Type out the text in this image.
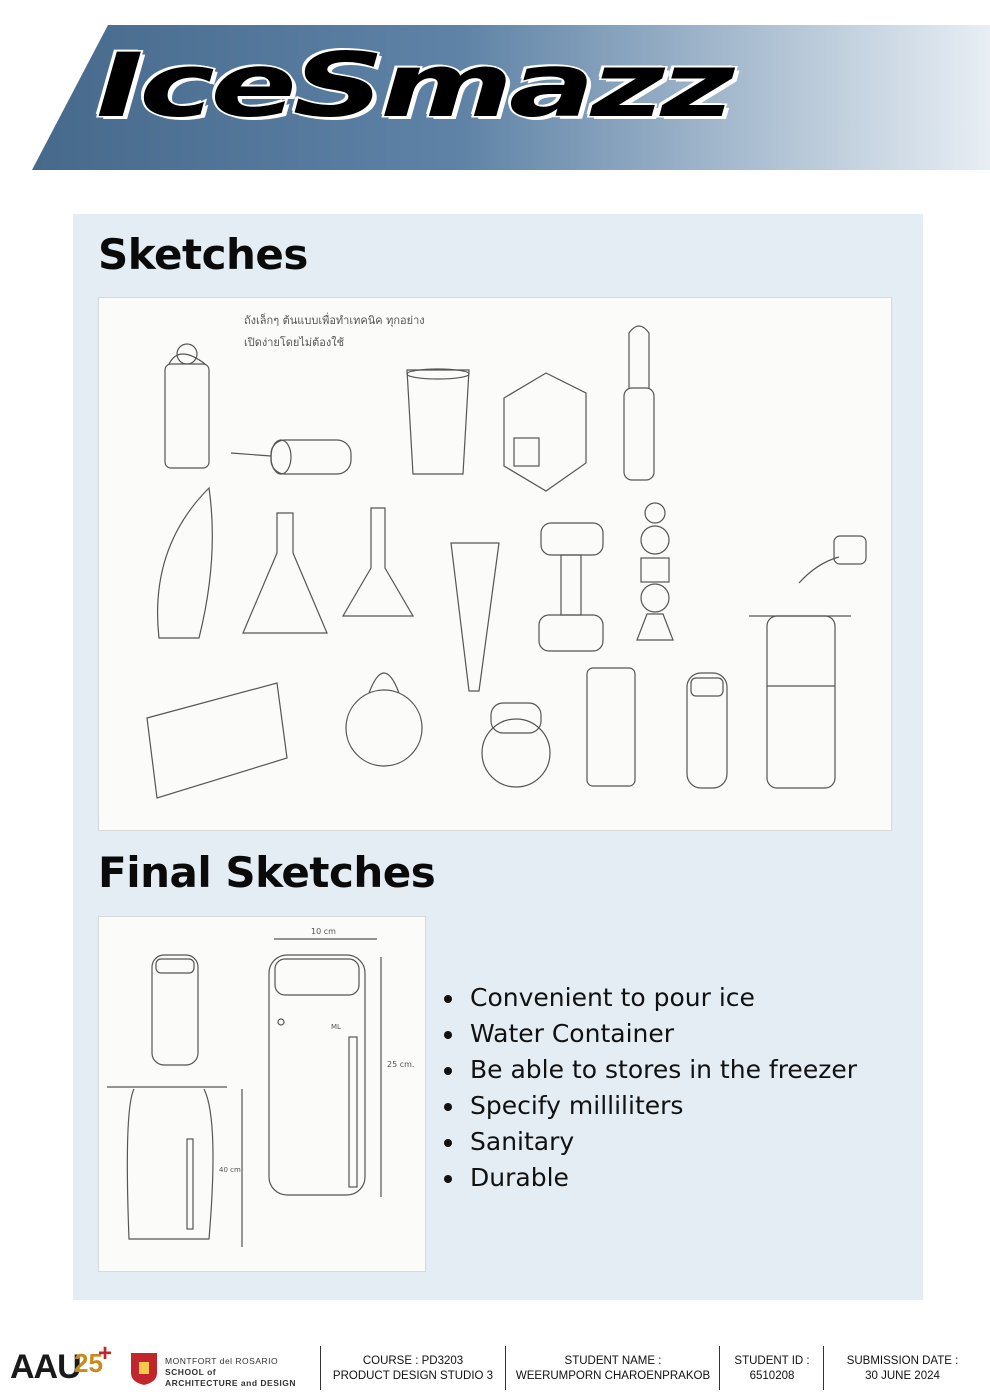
IceSmazz
Sketches
ถังเล็กๆ ต้นแบบเพื่อทำเทคนิค ทุกอย่าง
เปิดง่ายโดยไม่ต้องใช้
Final Sketches
10 cm
25 cm.
ML
40 cm
Convenient to pour ice
Water Container
Be able to stores in the freezer
Specify milliliters
Sanitary
Durable
AAU
25
+	MONTFORT del ROSARIO
SCHOOL of
ARCHITECTURE and DESIGN
COURSE : PD3203
PRODUCT DESIGN STUDIO 3
STUDENT NAME :
WEERUMPORN CHAROENPRAKOB
STUDENT ID :
6510208
SUBMISSION DATE :
30 JUNE 2024
